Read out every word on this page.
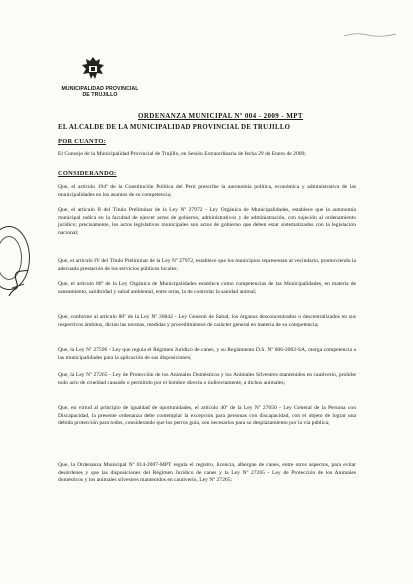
MUNICIPALIDAD PROVINCIAL
DE TRUJILLO
ORDENANZA MUNICIPAL Nº 004 - 2009 - MPT
EL ALCALDE DE LA MUNICIPALIDAD PROVINCIAL DE TRUJILLO
POR CUANTO:
El Concejo de la Municipalidad Provincial de Trujillo, en Sesión Extraordinaria de fecha 29 de Enero de 2009;
CONSIDERANDO:
Que, el artículo 194º de la Constitución Política del Perú prescribe la autonomía política, económica y administrativa de las municipalidades en los asuntos de su competencia;
Que, el artículo II del Título Preliminar de la Ley Nº 27972 - Ley Orgánica de Municipalidades, establece que la autonomía municipal radica en la facultad de ejercer actos de gobierno, administrativos y de administración, con sujeción al ordenamiento jurídico; precisamente, los actos legislativos municipales son actos de gobierno que deben estar sistematizados con la legislación nacional;
Que, el artículo IV del Título Preliminar de la Ley Nº 27972, establece que los municipios representan al vecindario, promoviendo la adecuada prestación de los servicios públicos locales;
Que, el artículo 80º de la Ley Orgánica de Municipalidades establece como competencias de las Municipalidades, en materia de saneamiento, salubridad y salud ambiental, entre otras, la de controlar la sanidad animal;
Que, conforme al artículo 80º de la Ley Nº 26842 - Ley General de Salud, los órganos desconcentrados o descentralizados en sus respectivos ámbitos, dictan las normas, medidas y procedimientos de carácter general en materia de su competencia;
Que, la Ley Nº 27596 - Ley que regula el Régimen Jurídico de canes, y su Reglamento D.S. Nº 006-2002-SA, otorga competencia a las municipalidades para la aplicación de sus disposiciones;
Que, la Ley Nº 27265 - Ley de Protección de los Animales Domésticos y los Animales Silvestres mantenidos en cautiverio, prohíbe todo acto de crueldad causado o permitido por el hombre directa o indirectamente, a dichos animales;
Que, en virtud al principio de igualdad de oportunidades, el artículo 40º de la Ley Nº 27050 - Ley General de la Persona con Discapacidad, la presente ordenanza debe contemplar la excepción para personas con discapacidad, con el objeto de lograr una debida protección para todos, considerando que los perros guía, son necesarios para su desplazamiento por la vía pública;
Que, la Ordenanza Municipal Nº 014-2007-MPT regula el registro, licencia, albergue de canes, entre otros aspectos, para evitar desórdenes y que las disposiciones del Régimen Jurídico de canes y la Ley Nº 27265 - Ley de Protección de los Animales domésticos y los animales silvestres mantenidos en cautiverio, Ley Nº 27265;
